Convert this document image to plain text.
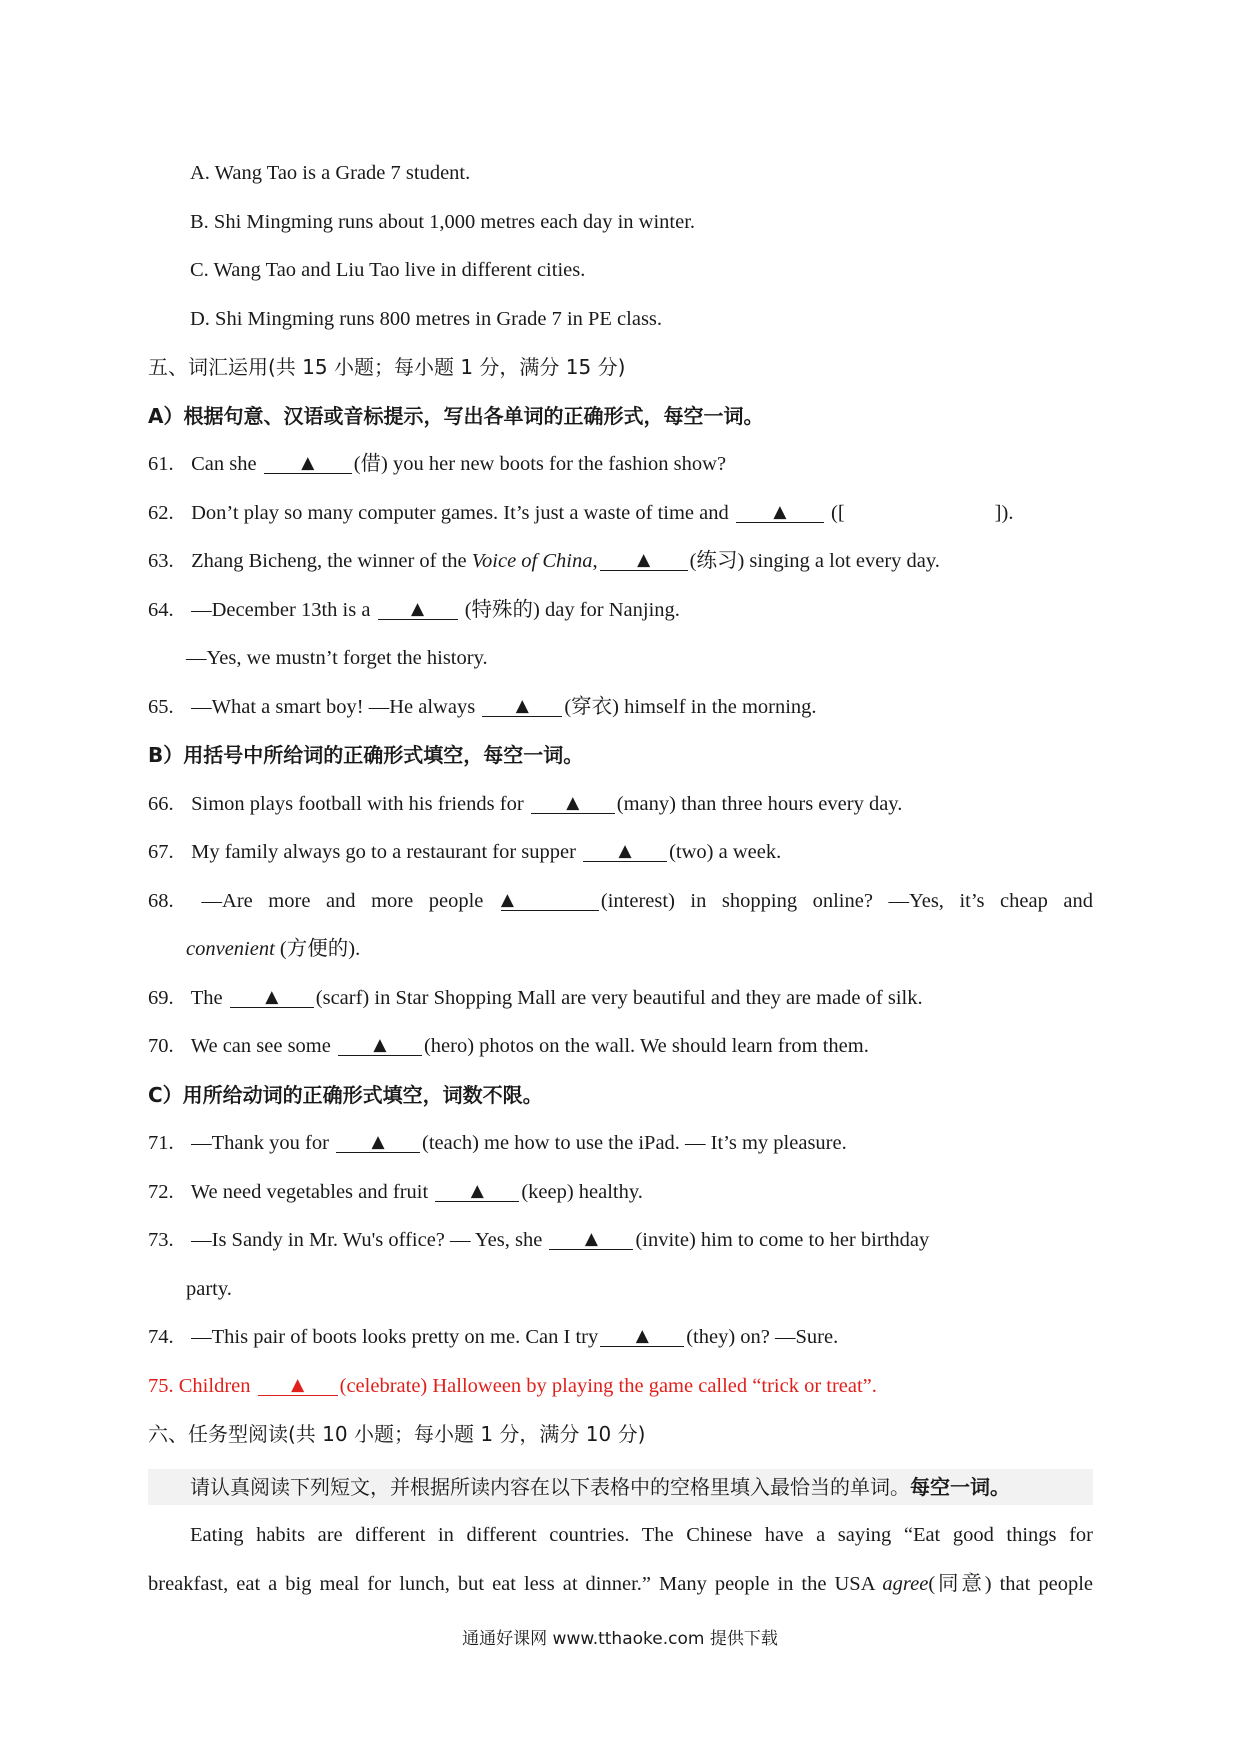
A. Wang Tao is a Grade 7 student.
B. Shi Mingming runs about 1,000 metres each day in winter.
C. Wang Tao and Liu Tao live in different cities.
D. Shi Mingming runs 800 metres in Grade 7 in PE class.
五、词汇运用(共 15 小题；每小题 1 分，满分 15 分)
A）根据句意、汉语或音标提示，写出各单词的正确形式，每空一词。
61. Can she	▲ (借) you her new boots for the fashion show?
62. Don’t play so many computer games. It’s just a waste of time and	▲ ([	]).
63. Zhang Bicheng, the winner of the Voice of China, ▲ (练习) singing a lot every day.
64. —December 13th is a ▲ (特殊的) day for Nanjing.
—Yes, we mustn’t forget the history.
65. —What a smart boy! —He always ▲ (穿衣) himself in the morning.
B）用括号中所给词的正确形式填空，每空一词。
66. Simon plays football with his friends for	▲ (many) than three hours every day.
67. My family always go to a restaurant for supper	▲ (two) a week.
68. —Are more and more people ▲	(interest) in shopping online? —Yes, it’s cheap and
convenient (方便的).
69. The	▲ (scarf) in Star Shopping Mall are very beautiful and they are made of silk.
70. We can see some	▲ (hero) photos on the wall. We should learn from them.
C）用所给动词的正确形式填空，词数不限。
71. —Thank you for	▲ (teach) me how to use the iPad. — It’s my pleasure.
72. We need vegetables and fruit	▲ (keep) healthy.
73. —Is Sandy in Mr. Wu's office? — Yes, she	▲ (invite) him to come to her birthday
party.
74. —This pair of boots looks pretty on me. Can I try ▲ (they) on? —Sure.
75. Children ▲ (celebrate) Halloween by playing the game called “trick or treat”.
六、任务型阅读(共 10 小题；每小题 1 分，满分 10 分)
请认真阅读下列短文，并根据所读内容在以下表格中的空格里填入最恰当的单词。每空一词。
Eating habits are different in different countries. The Chinese have a saying “Eat good things for
breakfast, eat a big meal for lunch, but eat less at dinner.” Many people in the USA agree(同意) that people
通通好课网 www.tthaoke.com 提供下载
